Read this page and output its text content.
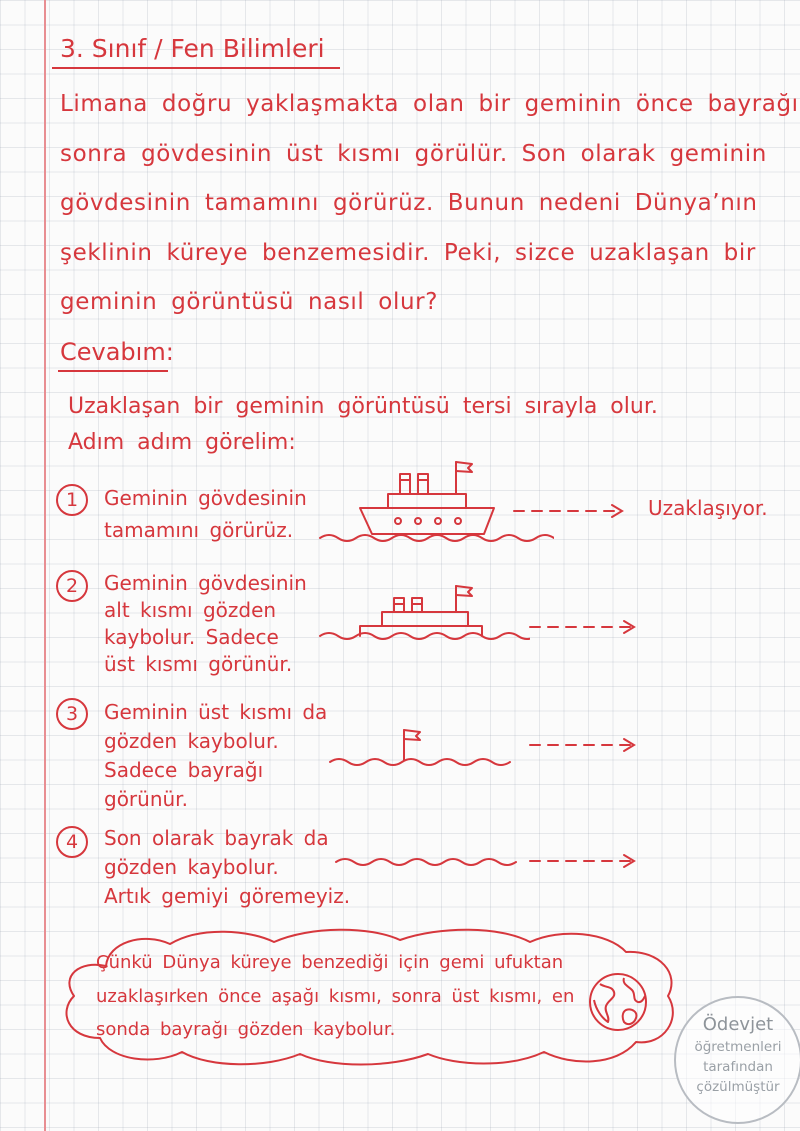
3. Sınıf / Fen Bilimleri
Limana doğru yaklaşmakta olan bir geminin önce bayrağı
sonra gövdesinin üst kısmı görülür. Son olarak geminin
gövdesinin tamamını görürüz. Bunun nedeni Dünya’nın
şeklinin küreye benzemesidir. Peki, sizce uzaklaşan bir
geminin görüntüsü nasıl olur?
Cevabım:
Uzaklaşan bir geminin görüntüsü tersi sırayla olur.
Adım adım görelim:
1	Geminin gövdesinin
tamamını görürüz.
Uzaklaşıyor.
2	Geminin gövdesinin
alt kısmı gözden
kaybolur. Sadece
üst kısmı görünür.
3	Geminin üst kısmı da
gözden kaybolur.
Sadece bayrağı
görünür.
4	Son olarak bayrak da
gözden kaybolur.
Artık gemiyi göremeyiz.
Çünkü Dünya küreye benzediği için gemi ufuktan
uzaklaşırken önce aşağı kısmı, sonra üst kısmı, en
sonda bayrağı gözden kaybolur.	Ödevjet
öğretmenleri
tarafından
çözülmüştür
